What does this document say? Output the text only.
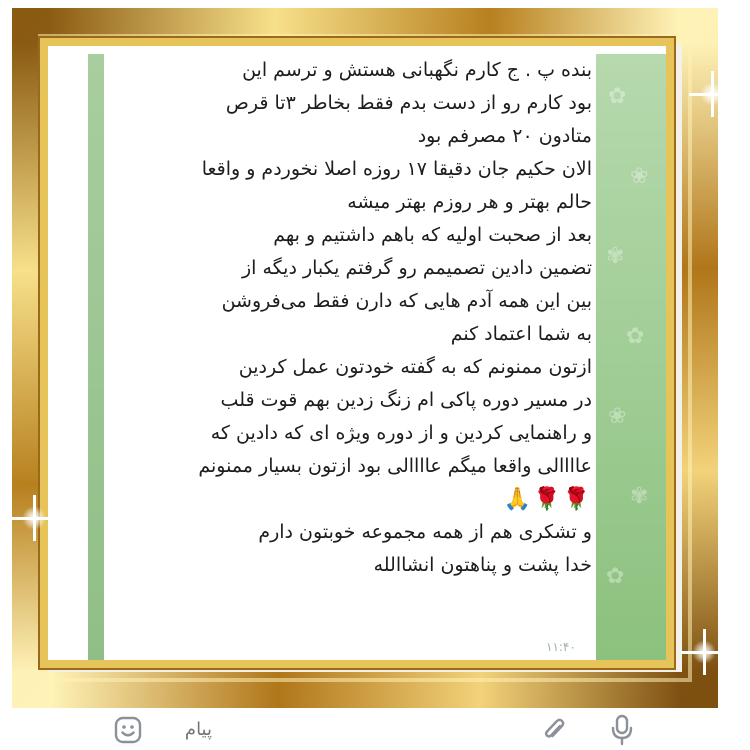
✿
❀
✾
✿
❀
✾
✿
بنده پ . ج کارم نگهبانی هستش و ترسم این
بود کارم رو از دست بدم فقط بخاطر ۳تا قرص
متادون ۲۰ مصرفم بود
الان حکیم جان دقیقا ۱۷ روزه اصلا نخوردم و واقعا
حالم بهتر و هر روزم بهتر میشه
بعد از صحبت اولیه که باهم داشتیم و بهم
تضمین دادین تصمیمم رو گرفتم یکبار دیگه از
بین این همه آدم هایی که دارن فقط می‌فروشن
به شما اعتماد کنم
ازتون ممنونم که به گفته خودتون عمل کردین
در مسیر دوره پاکی ام زنگ زدین بهم قوت قلب
و راهنمایی کردین و از دوره ویژه ای که دادین که
عاااالی واقعا میگم عاااالی بود ازتون بسیار ممنونم
🌹🌹🙏
و تشکری هم از همه مجموعه خوبتون دارم
خدا پشت و پناهتون انشاالله
۱۱:۴۰
پیام
